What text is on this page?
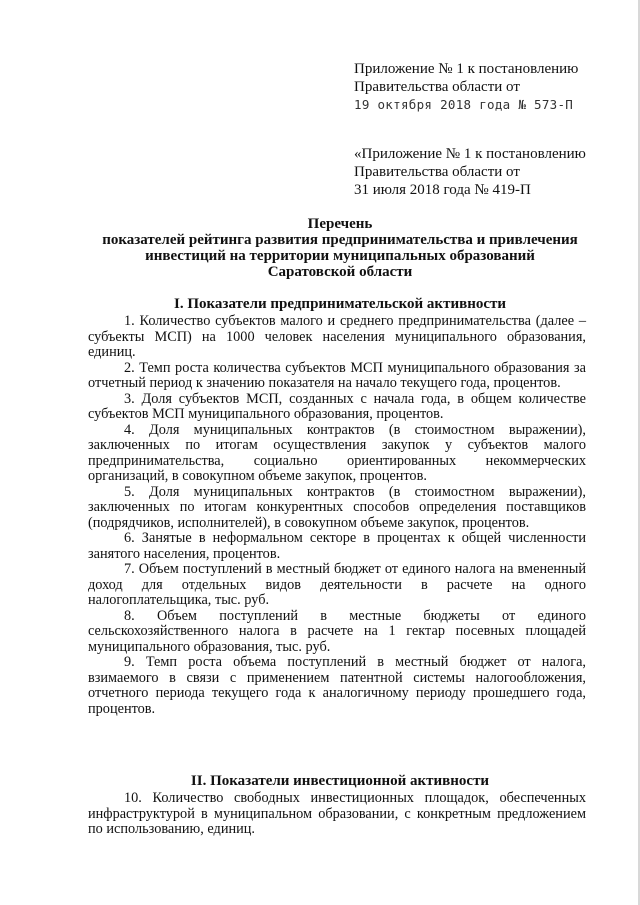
Приложение № 1 к постановлению
Правительства области от
19 октября 2018 года № 573-П
«Приложение № 1 к постановлению
Правительства области от
31 июля 2018 года № 419-П
Перечень
показателей рейтинга развития предпринимательства и привлечения
инвестиций на территории муниципальных образований
Саратовской области
I. Показатели предпринимательской активности

1. Количество субъектов малого и среднего предпринимательства (далее – субъекты МСП) на 1000 человек населения муниципального образования, единиц.

2. Темп роста количества субъектов МСП муниципального образования за отчетный период к значению показателя на начало текущего года, процентов.

3. Доля субъектов МСП, созданных с начала года, в общем количестве субъектов МСП муниципального образования, процентов.

4. Доля муниципальных контрактов (в стоимостном выражении), заключенных по итогам осуществления закупок у субъектов малого предпринимательства, социально ориентированных некоммерческих организаций, в совокупном объеме закупок, процентов.

5. Доля муниципальных контрактов (в стоимостном выражении), заключенных по итогам конкурентных способов определения поставщиков (подрядчиков, исполнителей), в совокупном объеме закупок, процентов.

6. Занятые в неформальном секторе в процентах к общей численности занятого населения, процентов.

7. Объем поступлений в местный бюджет от единого налога на вмененный доход для отдельных видов деятельности в расчете на одного налогоплательщика, тыс. руб.

8. Объем поступлений в местные бюджеты от единого сельскохозяйственного налога в расчете на 1 гектар посевных площадей муниципального образования, тыс. руб.

9. Темп роста объема поступлений в местный бюджет от налога, взимаемого в связи с применением патентной системы налогообложения, отчетного периода текущего года к аналогичному периоду прошедшего года, процентов.

II. Показатели инвестиционной активности

10. Количество свободных инвестиционных площадок, обеспеченных инфраструктурой в муниципальном образовании, с конкретным предложением по использованию, единиц.
